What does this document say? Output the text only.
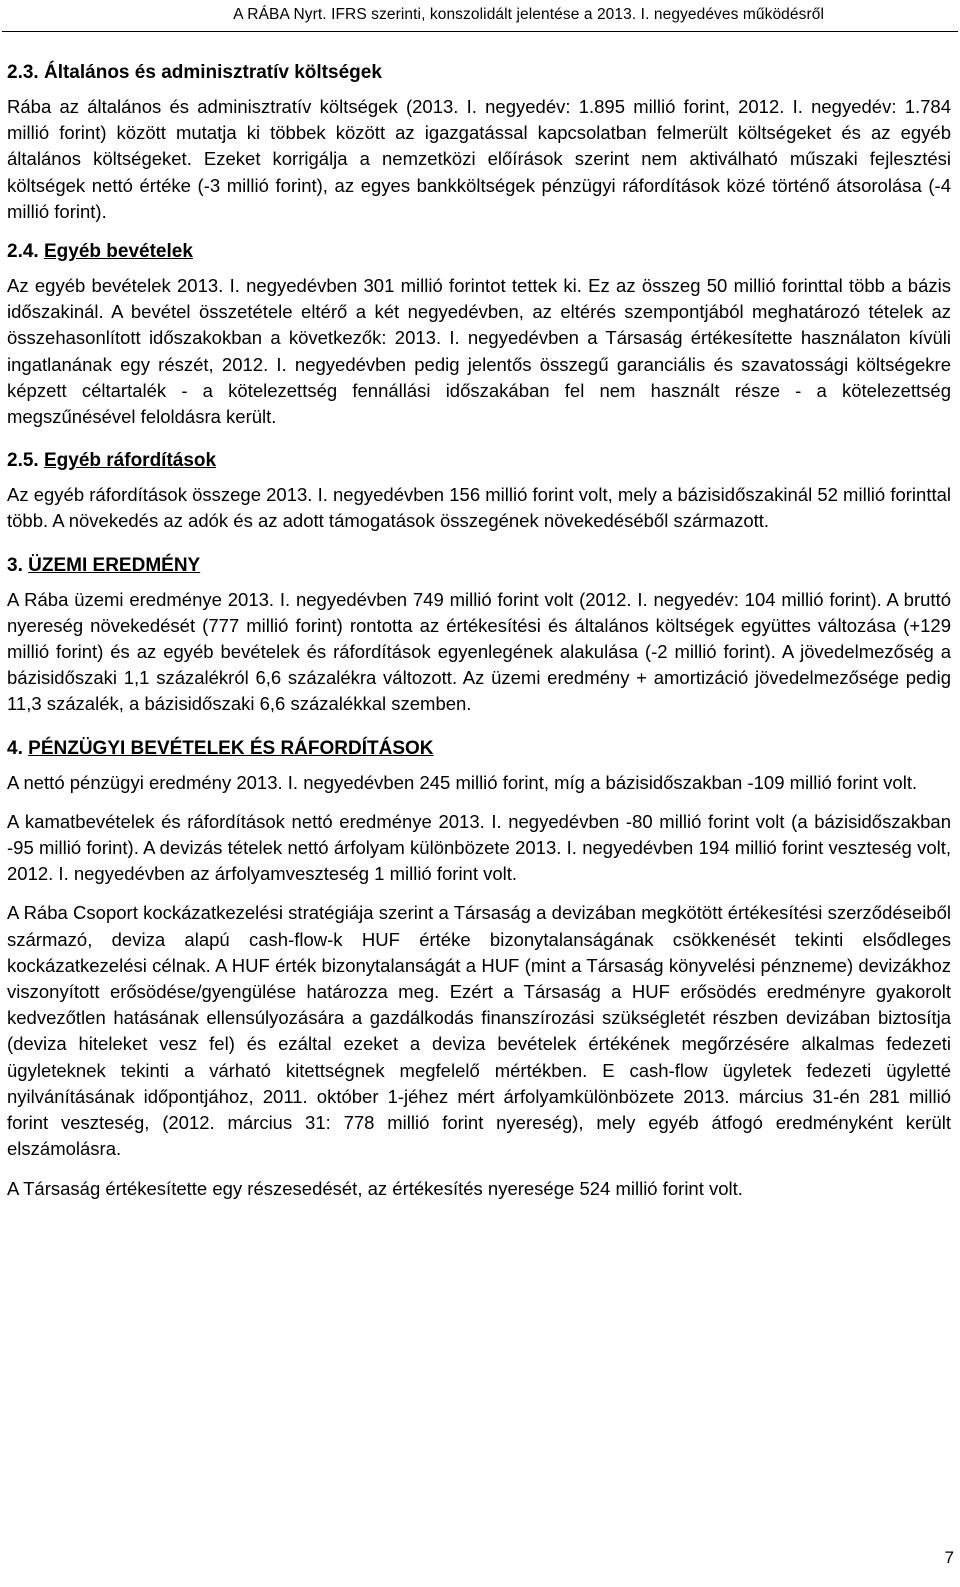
A RÁBA Nyrt. IFRS szerinti, konszolidált jelentése a 2013. I. negyedéves működésről
2.3. Általános és adminisztratív költségek

Rába az általános és adminisztratív költségek (2013. I. negyedév: 1.895 millió forint, 2012. I. negyedév: 1.784 millió forint) között mutatja ki többek között az igazgatással kapcsolatban felmerült költségeket és az egyéb általános költségeket. Ezeket korrigálja a nemzetközi előírások szerint nem aktiválható műszaki fejlesztési költségek nettó értéke (-3 millió forint), az egyes bankköltségek pénzügyi ráfordítások közé történő átsorolása (-4 millió forint).

2.4. Egyéb bevételek

Az egyéb bevételek 2013. I. negyedévben 301 millió forintot tettek ki. Ez az összeg 50 millió forinttal több a bázis időszakinál. A bevétel összetétele eltérő a két negyedévben, az eltérés szempontjából meghatározó tételek az összehasonlított időszakokban a következők: 2013. I. negyedévben a Társaság értékesítette használaton kívüli ingatlanának egy részét, 2012. I. negyedévben pedig jelentős összegű garanciális és szavatossági költségekre képzett céltartalék - a kötelezettség fennállási időszakában fel nem használt része - a kötelezettség megszűnésével feloldásra került.

2.5. Egyéb ráfordítások

Az egyéb ráfordítások összege 2013. I. negyedévben 156 millió forint volt, mely a bázisidőszakinál 52 millió forinttal több. A növekedés az adók és az adott támogatások összegének növekedéséből származott.

3. ÜZEMI EREDMÉNY

A Rába üzemi eredménye 2013. I. negyedévben 749 millió forint volt (2012. I. negyedév: 104 millió forint). A bruttó nyereség növekedését (777 millió forint) rontotta az értékesítési és általános költségek együttes változása (+129 millió forint) és az egyéb bevételek és ráfordítások egyenlegének alakulása (-2 millió forint). A jövedelmezőség a bázisidőszaki 1,1 százalékról 6,6 százalékra változott. Az üzemi eredmény + amortizáció jövedelmezősége pedig 11,3 százalék, a bázisidőszaki 6,6 százalékkal szemben.

4. PÉNZÜGYI BEVÉTELEK ÉS RÁFORDÍTÁSOK

A nettó pénzügyi eredmény 2013. I. negyedévben 245 millió forint, míg a bázisidőszakban -109 millió forint volt.

A kamatbevételek és ráfordítások nettó eredménye 2013. I. negyedévben -80 millió forint volt (a bázisidőszakban -95 millió forint). A devizás tételek nettó árfolyam különbözete 2013. I. negyedévben 194 millió forint veszteség volt, 2012. I. negyedévben az árfolyamveszteség 1 millió forint volt.

A Rába Csoport kockázatkezelési stratégiája szerint a Társaság a devizában megkötött értékesítési szerződéseiből származó, deviza alapú cash-flow-k HUF értéke bizonytalanságának csökkenését tekinti elsődleges kockázatkezelési célnak. A HUF érték bizonytalanságát a HUF (mint a Társaság könyvelési pénzneme) devizákhoz viszonyított erősödése/gyengülése határozza meg. Ezért a Társaság a HUF erősödés eredményre gyakorolt kedvezőtlen hatásának ellensúlyozására a gazdálkodás finanszírozási szükségletét részben devizában biztosítja (deviza hiteleket vesz fel) és ezáltal ezeket a deviza bevételek értékének megőrzésére alkalmas fedezeti ügyleteknek tekinti a várható kitettségnek megfelelő mértékben. E cash-flow ügyletek fedezeti ügyletté nyilvánításának időpontjához, 2011. október 1-jéhez mért árfolyamkülönbözete 2013. március 31-én 281 millió forint veszteség, (2012. március 31: 778 millió forint nyereség), mely egyéb átfogó eredményként került elszámolásra.

A Társaság értékesítette egy részesedését, az értékesítés nyeresége 524 millió forint volt.

7
